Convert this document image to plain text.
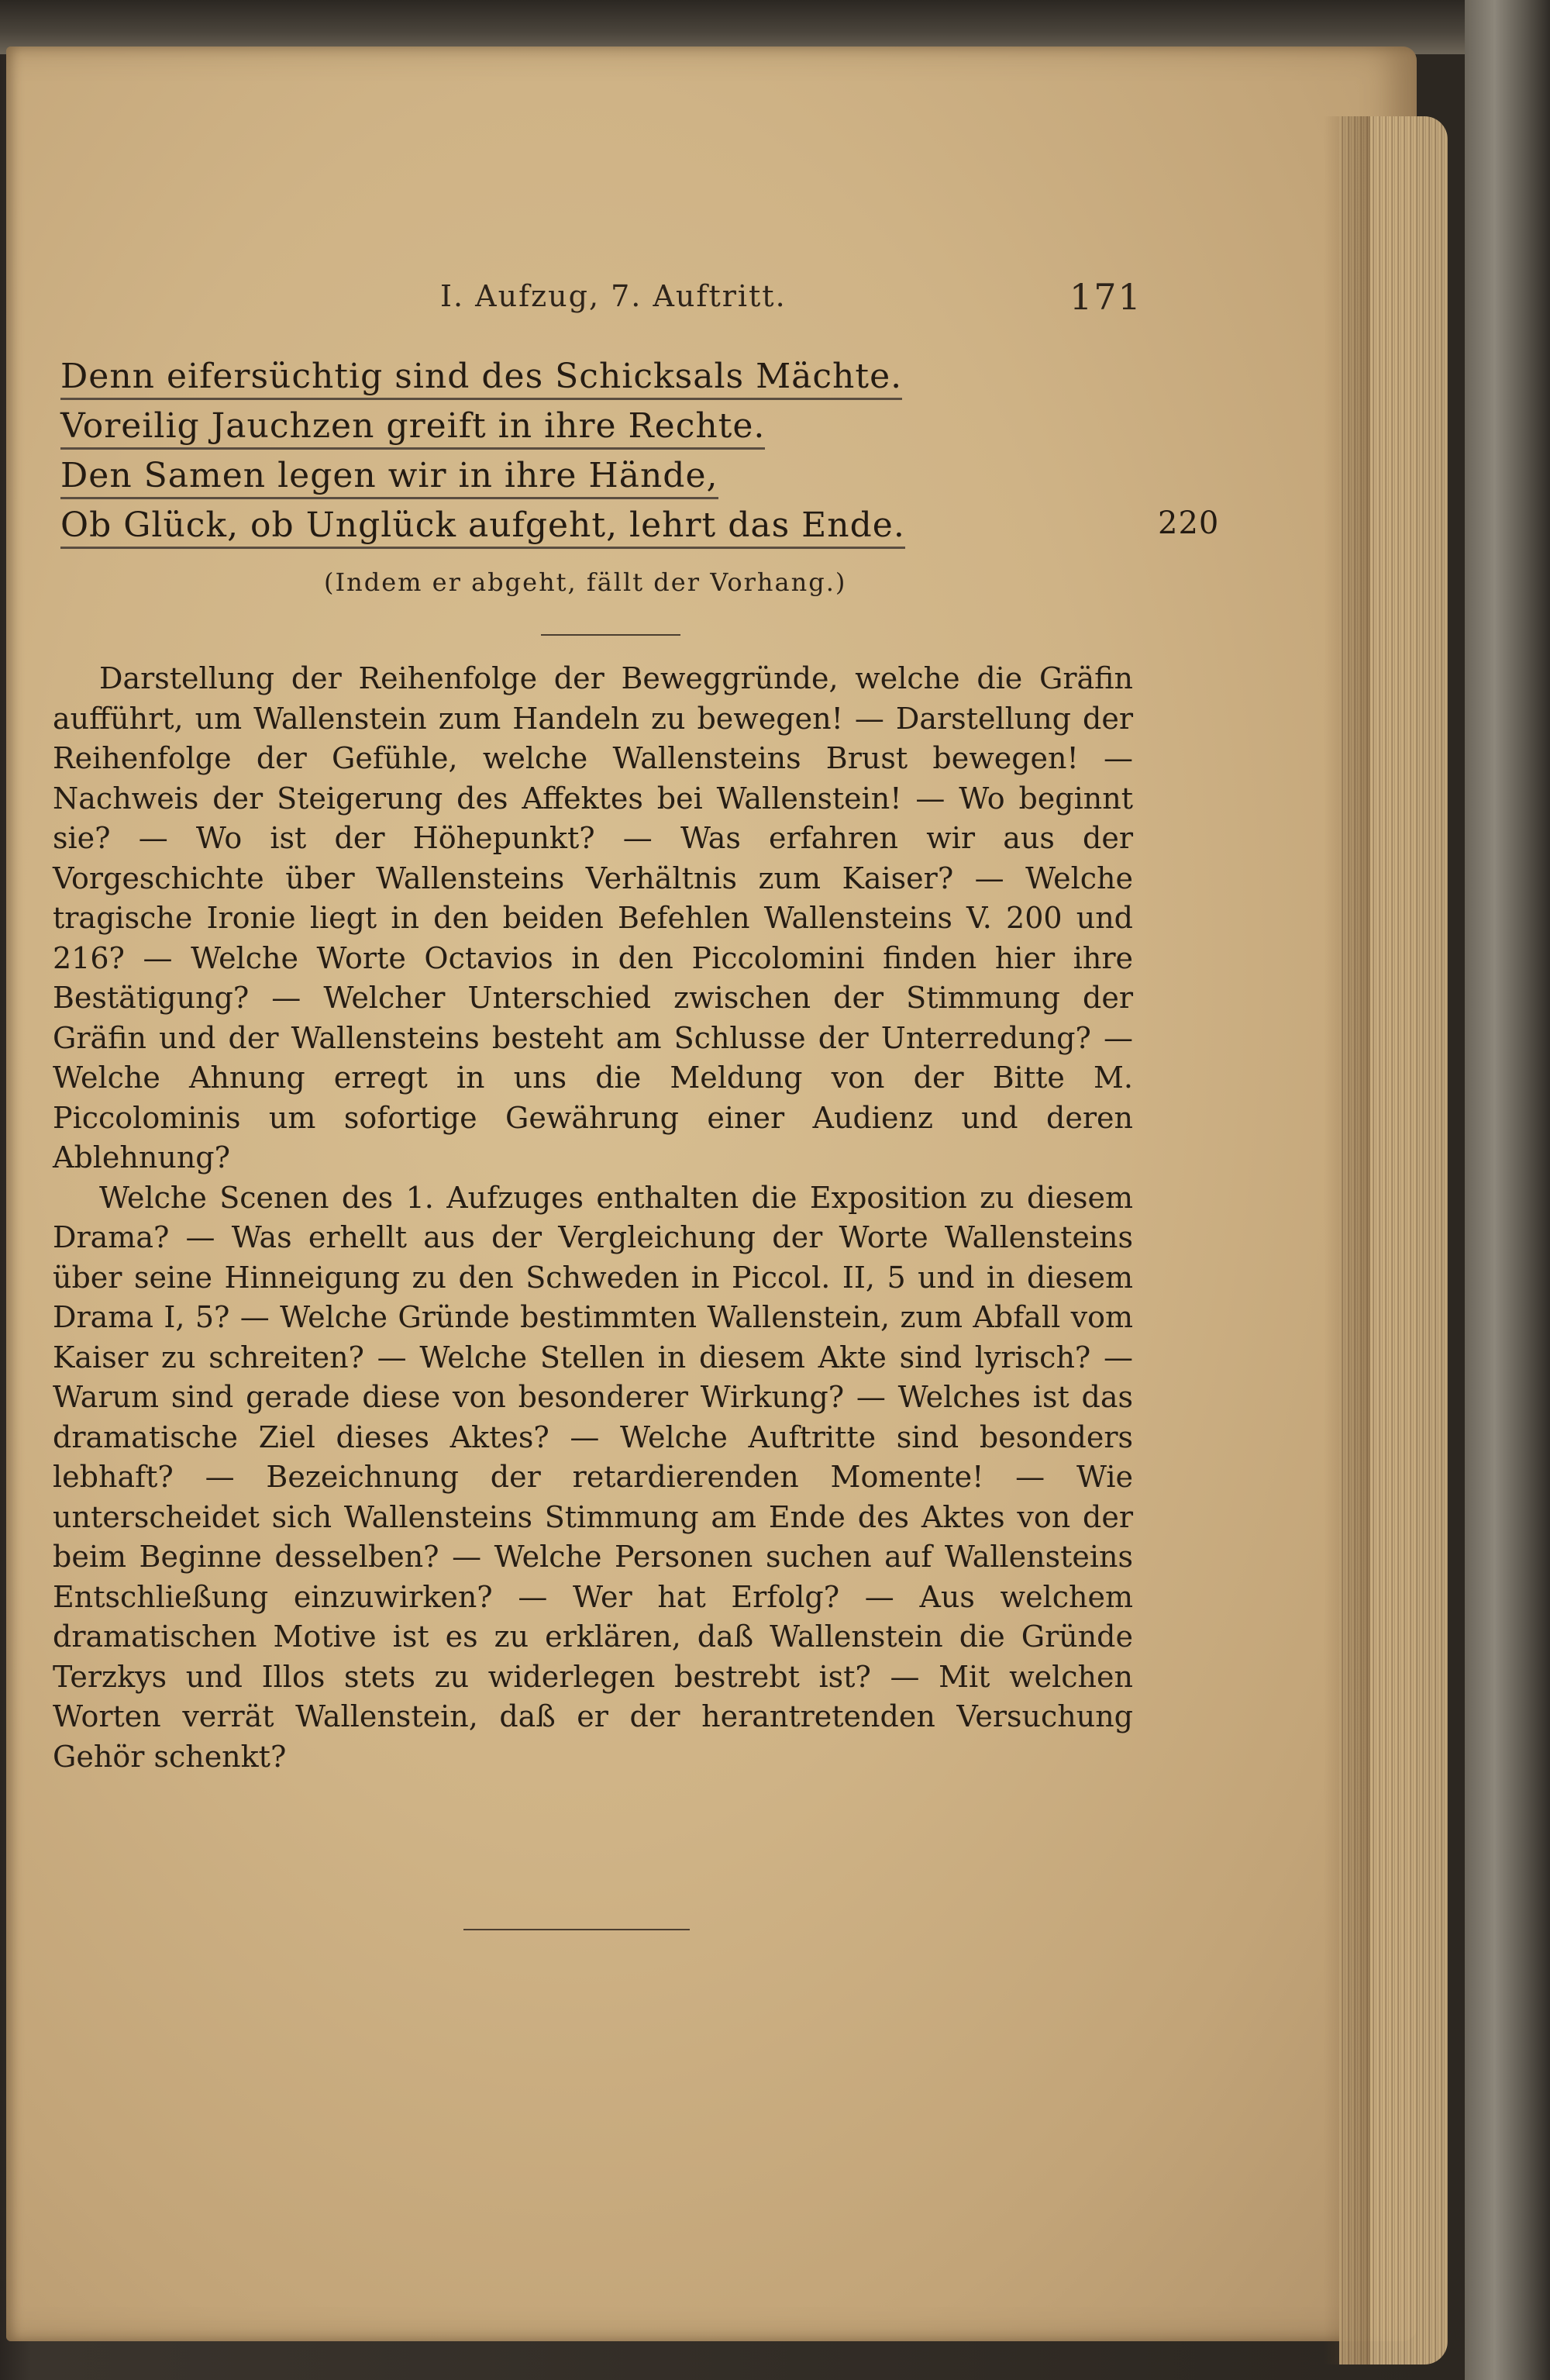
I. Aufzug, 7. Auftritt.	171
Denn eifersüchtig sind des Schicksals Mächte.
Voreilig Jauchzen greift in ihre Rechte.
Den Samen legen wir in ihre Hände,
Ob Glück, ob Unglück aufgeht, lehrt das Ende.	220
(Indem er abgeht, fällt der Vorhang.)

Darstellung der Reihenfolge der Beweggründe, welche die Gräfin aufführt, um Wallenstein zum Handeln zu bewegen! — Darstellung der Reihenfolge der Gefühle, welche Wallensteins Brust bewegen! — Nachweis der Steigerung des Affektes bei Wallenstein! — Wo beginnt sie? — Wo ist der Höhepunkt? — Was erfahren wir aus der Vorgeschichte über Wallensteins Verhältnis zum Kaiser? — Welche tragische Ironie liegt in den beiden Befehlen Wallensteins V. 200 und 216? — Welche Worte Octavios in den Piccolomini finden hier ihre Bestätigung? — Welcher Unterschied zwischen der Stimmung der Gräfin und der Wallensteins besteht am Schlusse der Unterredung? — Welche Ahnung erregt in uns die Meldung von der Bitte M. Piccolominis um sofortige Gewährung einer Audienz und deren Ablehnung?

Welche Scenen des 1. Aufzuges enthalten die Exposition zu diesem Drama? — Was erhellt aus der Vergleichung der Worte Wallensteins über seine Hinneigung zu den Schweden in Piccol. II, 5 und in diesem Drama I, 5? — Welche Gründe bestimmten Wallenstein, zum Abfall vom Kaiser zu schreiten? — Welche Stellen in diesem Akte sind lyrisch? — Warum sind gerade diese von besonderer Wirkung? — Welches ist das dramatische Ziel dieses Aktes? — Welche Auftritte sind besonders lebhaft? — Bezeichnung der retardierenden Momente! — Wie unterscheidet sich Wallensteins Stimmung am Ende des Aktes von der beim Beginne desselben? — Welche Personen suchen auf Wallensteins Entschließung einzuwirken? — Wer hat Erfolg? — Aus welchem dramatischen Motive ist es zu erklären, daß Wallenstein die Gründe Terzkys und Illos stets zu widerlegen bestrebt ist? — Mit welchen Worten verrät Wallenstein, daß er der herantretenden Versuchung Gehör schenkt?
